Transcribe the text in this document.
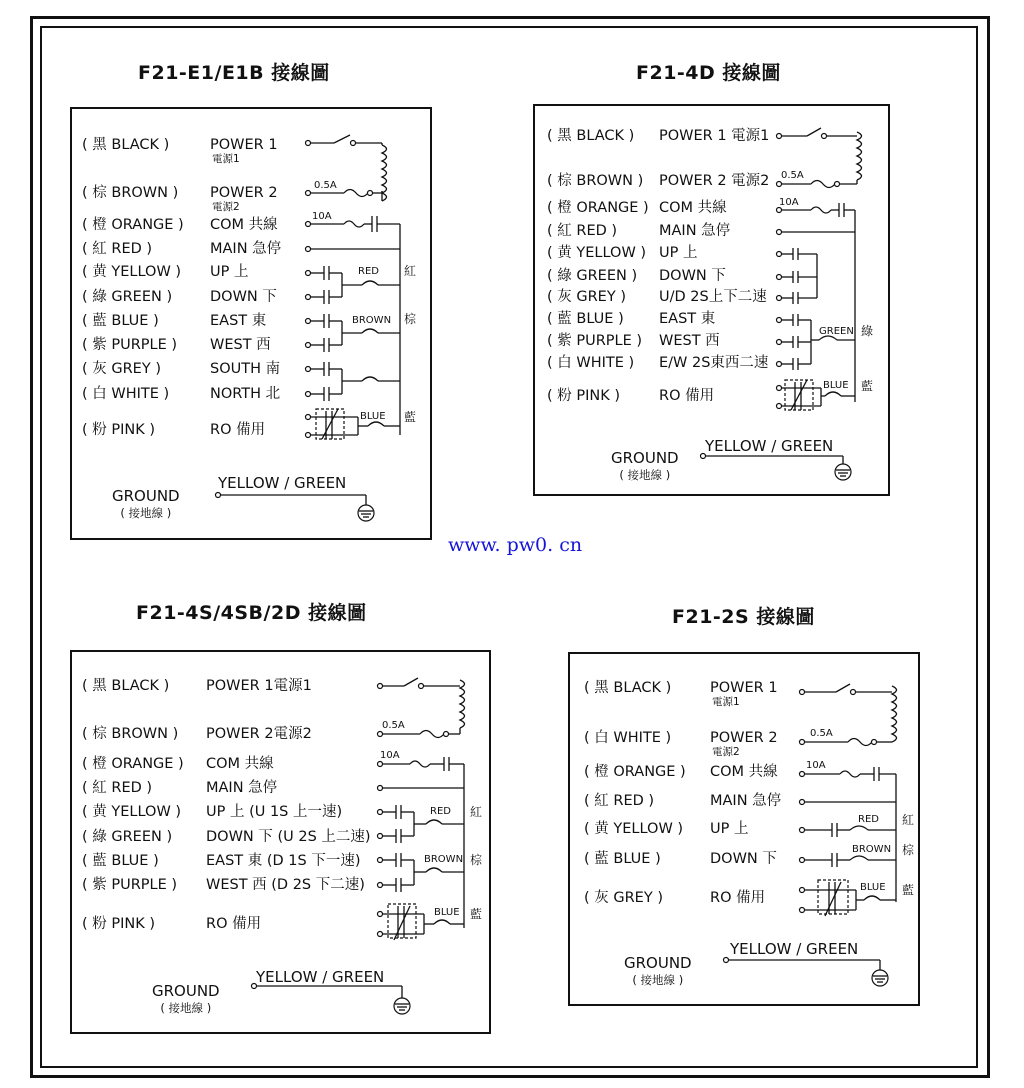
F21-E1/E1B 接線圖
( 黑 BLACK )	POWER 1
電源1
( 棕 BROWN ) POWER 2
電源2
( 橙 ORANGE ) COM 共線
( 紅 RED )	MAIN 急停
( 黄 YELLOW ) UP 上
( 綠 GREEN )	DOWN 下
( 藍 BLUE )	EAST 東
( 紫 PURPLE ) WEST 西
( 灰 GREY )	SOUTH 南
( 白 WHITE )	NORTH 北
( 粉 PINK )	RO 備用
0.5A
10A
RED 紅
BROWN 棕
BLUE 藍
YELLOW / GREEN
GROUND
( 接地線 )
F21-4D 接線圖
( 黑 BLACK ) POWER 1 電源1
( 棕 BROWN ) POWER 2 電源2
( 橙 ORANGE ) COM 共線
( 紅 RED )	MAIN 急停
( 黄 YELLOW ) UP 上
( 綠 GREEN ) DOWN 下
( 灰 GREY ) U/D 2S上下二速
( 藍 BLUE ) EAST 東
( 紫 PURPLE ) WEST 西
( 白 WHITE ) E/W 2S東西二速
( 粉 PINK )	RO 備用
0.5A
10A
GREEN 綠
BLUE 藍
YELLOW / GREEN
GROUND
( 接地線 )
www. pw0. cn
F21-4S/4SB/2D 接線圖
( 黑 BLACK )	POWER 1電源1
( 棕 BROWN ) POWER 2電源2
( 橙 ORANGE ) COM 共線
( 紅 RED )	MAIN 急停
( 黄 YELLOW ) UP 上 (U 1S 上一速)
( 綠 GREEN ) DOWN 下 (U 2S 上二速)
( 藍 BLUE )	EAST 東 (D 1S 下一速)
( 紫 PURPLE ) WEST 西 (D 2S 下二速)
( 粉 PINK )	RO 備用
0.5A
10A
RED 紅
BROWN 棕
BLUE 藍
YELLOW / GREEN
GROUND
( 接地線 )
F21-2S 接線圖
( 黑 BLACK )	POWER 1
電源1
( 白 WHITE )	POWER 2
電源2
( 橙 ORANGE ) COM 共線
( 紅 RED )	MAIN 急停
( 黄 YELLOW ) UP 上
( 藍 BLUE )	DOWN 下
( 灰 GREY )	RO 備用
0.5A
10A
RED 紅
BROWN 棕
BLUE 藍
YELLOW / GREEN
GROUND
( 接地線 )
